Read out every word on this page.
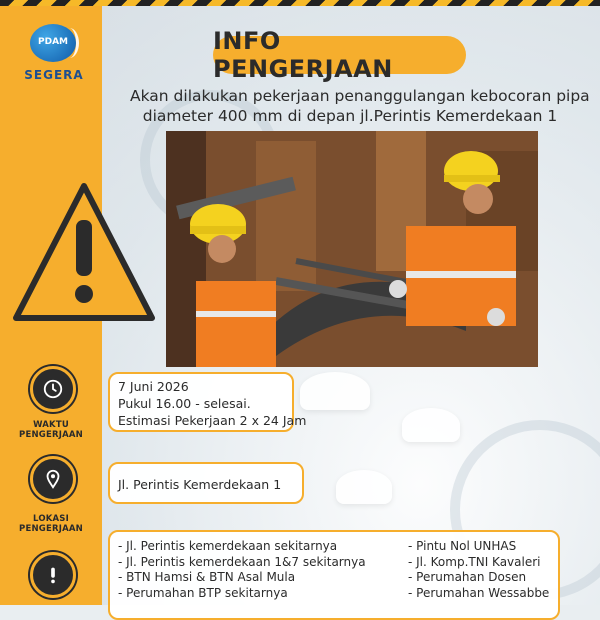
PDAM
SEGERA
WAKTU PENGERJAAN
LOKASI PENGERJAAN
INFO PENGERJAAN
Akan dilakukan pekerjaan penanggulangan kebocoran pipa
diameter 400 mm di depan jl.Perintis Kemerdekaan 1
7 Juni 2026
Pukul 16.00 - selesai.
Estimasi Pekerjaan 2 x 24 Jam
Jl. Perintis Kemerdekaan 1
- Jl. Perintis kemerdekaan sekitarnya
- Jl. Perintis kemerdekaan 1&7 sekitarnya
- BTN Hamsi & BTN Asal Mula
- Perumahan BTP sekitarnya
- Pintu Nol UNHAS
- Jl. Komp.TNI Kavaleri
- Perumahan Dosen
- Perumahan Wessabbe
